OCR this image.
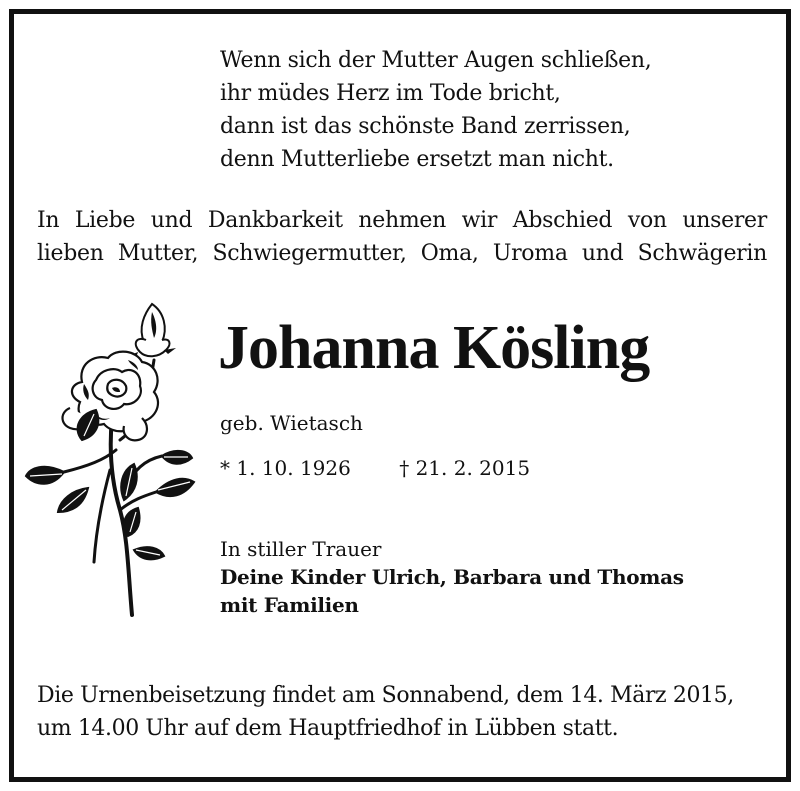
Wenn sich der Mutter Augen schließen,
ihr müdes Herz im Tode bricht,
dann ist das schönste Band zerrissen,
denn Mutterliebe ersetzt man nicht.
In Liebe und Dankbarkeit nehmen wir Abschied von unserer
lieben Mutter, Schwiegermutter, Oma, Uroma und Schwägerin
Johanna Kösling
geb. Wietasch
* 1. 10. 1926 † 21. 2. 2015
In stiller Trauer
Deine Kinder Ulrich, Barbara und Thomas
mit Familien
Die Urnenbeisetzung findet am Sonnabend, dem 14. März 2015,
um 14.00 Uhr auf dem Hauptfriedhof in Lübben statt.
